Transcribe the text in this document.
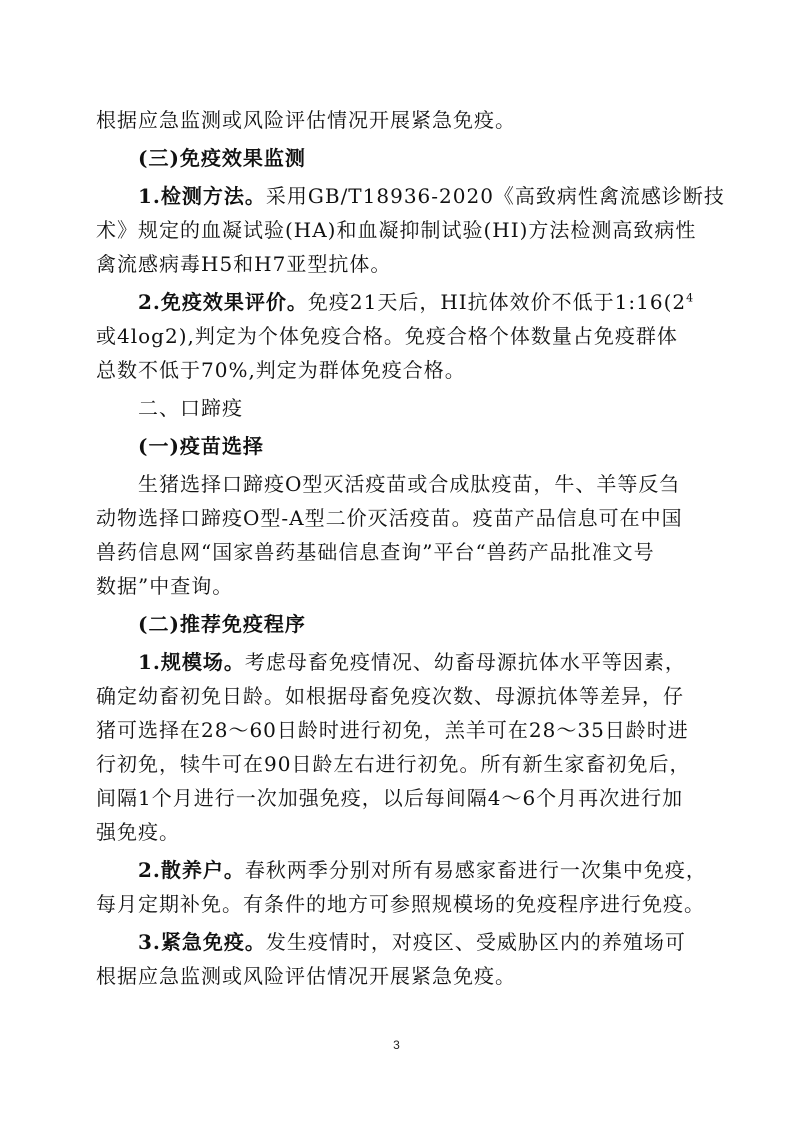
根据应急监测或风险评估情况开展紧急免疫。
(三)免疫效果监测
1.检测方法。采用GB/T18936-2020《高致病性禽流感诊断技
术》规定的血凝试验(HA)和血凝抑制试验(HI)方法检测高致病性
禽流感病毒H5和H7亚型抗体。
2.免疫效果评价。免疫21天后，HI抗体效价不低于$1:16(2^4$
或4log2),判定为个体免疫合格。免疫合格个体数量占免疫群体
总数不低于70%,判定为群体免疫合格。
二、口蹄疫
(一)疫苗选择
生猪选择口蹄疫O型灭活疫苗或合成肽疫苗，牛、羊等反刍
动物选择口蹄疫O型-A型二价灭活疫苗。疫苗产品信息可在中国
兽药信息网“国家兽药基础信息查询”平台“兽药产品批准文号
数据”中查询。
(二)推荐免疫程序
1.规模场。考虑母畜免疫情况、幼畜母源抗体水平等因素，
确定幼畜初免日龄。如根据母畜免疫次数、母源抗体等差异，仔
猪可选择在28～60日龄时进行初免，羔羊可在28～35日龄时进
行初免，犊牛可在90日龄左右进行初免。所有新生家畜初免后，
间隔1个月进行一次加强免疫，以后每间隔4～6个月再次进行加
强免疫。
2.散养户。春秋两季分别对所有易感家畜进行一次集中免疫，
每月定期补免。有条件的地方可参照规模场的免疫程序进行免疫。
3.紧急免疫。发生疫情时，对疫区、受威胁区内的养殖场可
根据应急监测或风险评估情况开展紧急免疫。
3
